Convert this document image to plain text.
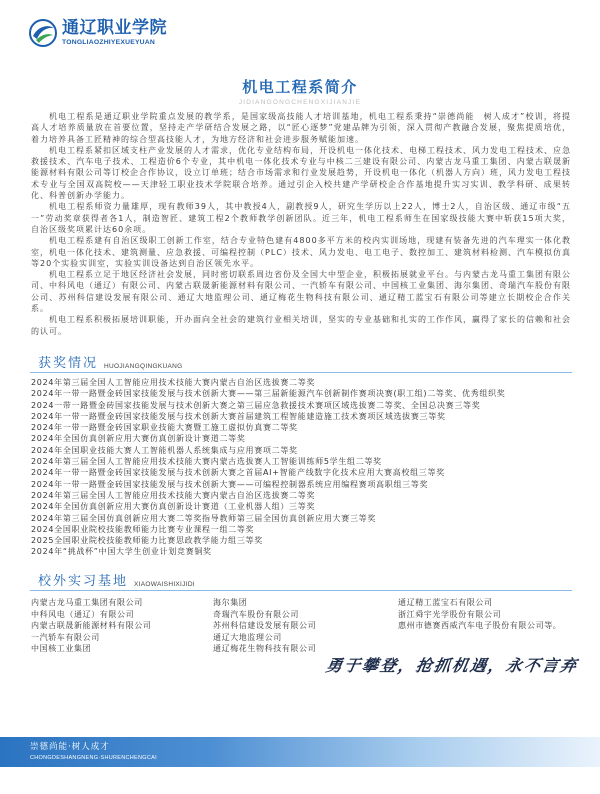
通辽职业学院
TONGLIAOZHIYEXUEYUAN
机电工程系简介
JIDIANGONGCHENGXIJIANJIE

机电工程系是通辽职业学院重点发展的教学系，是国家级高技能人才培训基地，机电工程系秉持“崇德尚能　树人成才”校训，将提高人才培养质量放在首要位置，坚持走产学研结合发展之路，以“匠心逐梦”党建品牌为引领，深入贯彻产教融合发展，聚焦提质培优，着力培养具备工匠精神的综合型高技能人才，为地方经济和社会进步服务赋能加速。

机电工程系紧扣区域支柱产业发展的人才需求，优化专业结构布局，开设机电一体化技术、电梯工程技术、风力发电工程技术、应急救援技术、汽车电子技术、工程造价6个专业，其中机电一体化技术专业与中核二三建设有限公司、内蒙古龙马重工集团、内蒙古联晟新能源材料有限公司等订校企合作协议，设立订单班；结合市场需求和行业发展趋势，开设机电一体化（机器人方向）班，风力发电工程技术专业与全国双高院校——天津轻工职业技术学院联合培养。通过引企入校共建产学研校企合作基地提升实习实训、教学科研、成果转化、科普创新办学能力。

机电工程系师资力量雄厚，现有教师39人，其中教授4人，副教授9人，研究生学历以上22人，博士2人，自治区级、通辽市级“五一”劳动奖章获得者各1人，制造智匠、建筑工程2个教师教学创新团队。近三年，机电工程系师生在国家级技能大赛中斩获15项大奖，自治区级奖项累计达60余项。

机电工程系建有自治区级职工创新工作室，结合专业特色建有4800多平方米的校内实训场地，现建有装备先进的汽车理实一体化教室，机电一体化技术、建筑测量、应急救援、可编程控制（PLC）技术、风力发电、电工电子、数控加工、建筑材料检测、汽车模拟仿真等20个实验实训室，实验实训设备达到自治区领先水平。

机电工程系立足于地区经济社会发展，同时密切联系周边省份及全国大中型企业，积极拓展就业平台。与内蒙古龙马重工集团有限公司、中科风电（通辽）有限公司、内蒙古联晟新能源材料有限公司、一汽轿车有限公司、中国核工业集团、海尔集团、奇瑞汽车股份有限公司、苏州科信建设发展有限公司、通辽大地监理公司、通辽梅花生物科技有限公司、通辽精工蓝宝石有限公司等建立长期校企合作关系。

机电工程系积极拓展培训职能，开办面向全社会的建筑行业相关培训，坚实的专业基础和扎实的工作作风，赢得了家长的信赖和社会的认可。

获奖情况 HUOJIANGQINGKUANG
2024年第三届全国人工智能应用技术技能大赛内蒙古自治区选拔赛二等奖
2024年一带一路暨金砖国家技能发展与技术创新大赛——第三届新能源汽车创新制作赛项决赛(职工组)二等奖、优秀组织奖
2024一带一路暨金砖国家技能发展与技术创新大赛之第三届应急救援技术赛项区域选拔赛二等奖、全国总决赛三等奖
2024年一带一路暨金砖国家技能发展与技术创新大赛首届建筑工程智能建造施工技术赛项区域选拔赛三等奖
2024年一带一路暨金砖国家职业技能大赛暨工施工虚拟仿真赛二等奖
2024年全国仿真创新应用大赛仿真创新设计赛道二等奖
2024年全国职业技能大赛人工智能机器人系统集成与应用赛项二等奖
2024年第三届全国人工智能应用技术技能大赛内蒙古选拔赛人工智能训练师5学生组二等奖
2024年一带一路暨金砖国家技能发展与技术创新大赛之首届AI+智能产线数字化技术应用大赛高校组三等奖
2024年一带一路暨金砖国家技能发展与技术创新大赛——可编程控制器系统应用编程赛项高职组三等奖
2024年第三届全国人工智能应用技术技能大赛内蒙古自治区选拔赛二等奖
2024年全国仿真创新应用大赛仿真创新设计赛道（工业机器人组）三等奖
2024年第三届全国仿真创新应用大赛二等奖指导教师第三届全国仿真创新应用大赛三等奖
2024全国职业院校技能教师能力比赛专业课程一组二等奖
2025全国职业院校技能教师能力比赛思政教学能力组三等奖
2024年“挑战杯”中国大学生创业计划竞赛铜奖
校外实习基地 XIAOWAISHIXIJIDI
内蒙古龙马重工集团有限公司
中科风电（通辽）有限公司
内蒙古联晟新能源材料有限公司
一汽轿车有限公司
中国核工业集团
海尔集团
奇瑞汽车股份有限公司
苏州科信建设发展有限公司
通辽大地监理公司
通辽梅花生物科技有限公司
通辽精工蓝宝石有限公司
浙江舜宇光学股份有限公司
惠州市德赛西威汽车电子股份有限公司等。
勇于攀登，抢抓机遇，永不言弃
崇德尚能·树人成才
CHONGDESHANGNENG·SHURENCHENGCAI
